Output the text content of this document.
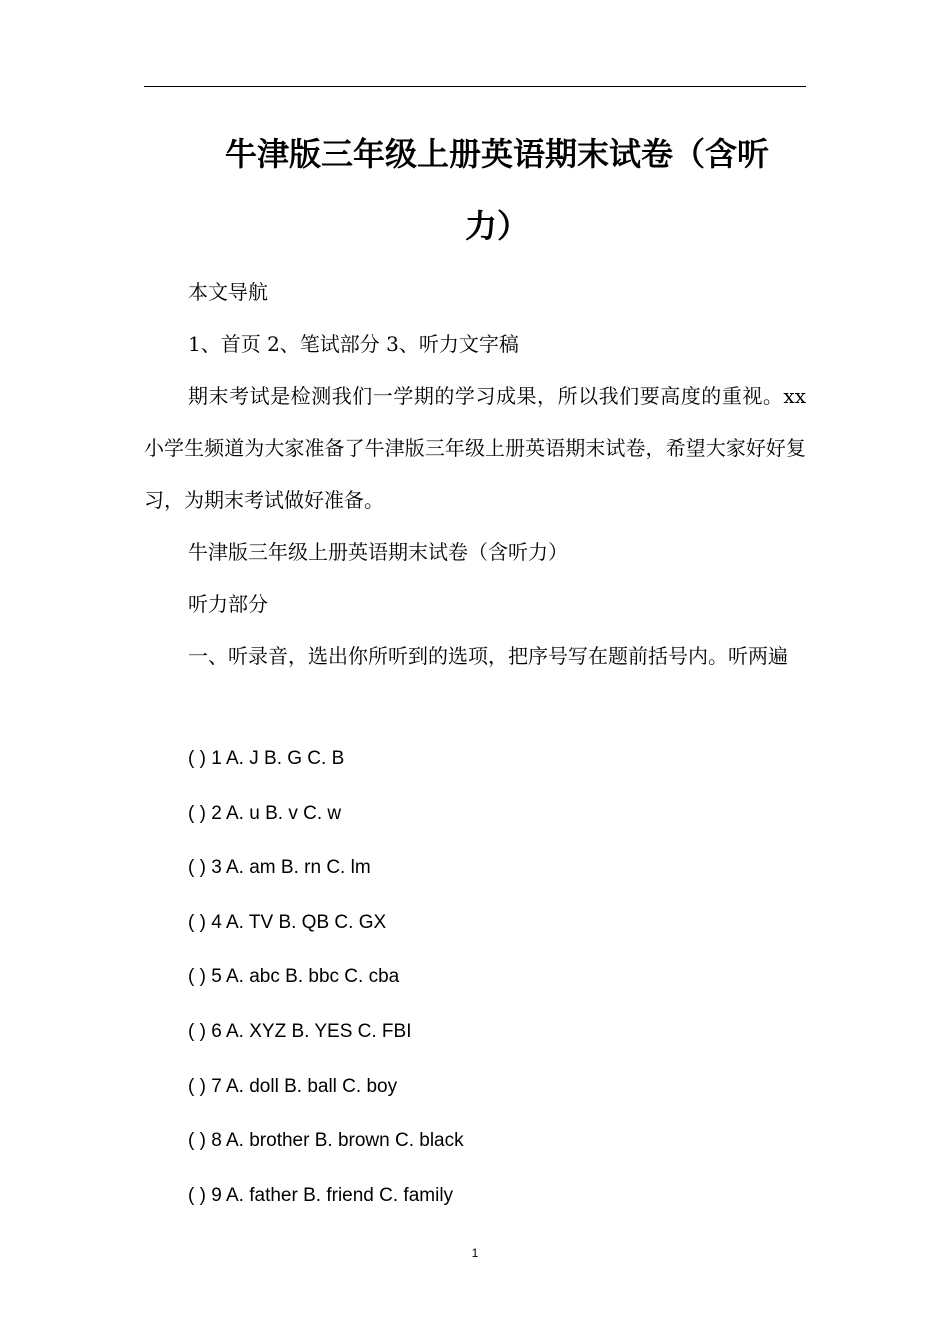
牛津版三年级上册英语期末试卷（含听
力）

本文导航

1、首页 2、笔试部分 3、听力文字稿

期末考试是检测我们一学期的学习成果，所以我们要高度的重视。xx 小学生频道为大家准备了牛津版三年级上册英语期末试卷，希望大家好好复习，为期末考试做好准备。

牛津版三年级上册英语期末试卷（含听力）

听力部分

一、听录音，选出你所听到的选项，把序号写在题前括号内。听两遍

( ) 1 A. J B. G C. B

( ) 2 A. u B. v C. w

( ) 3 A. am B. rn C. lm

( ) 4 A. TV B. QB C. GX

( ) 5 A. abc B. bbc C. cba

( ) 6 A. XYZ B. YES C. FBI

( ) 7 A. doll B. ball C. boy

( ) 8 A. brother B. brown C. black

( ) 9 A. father B. friend C. family

1
